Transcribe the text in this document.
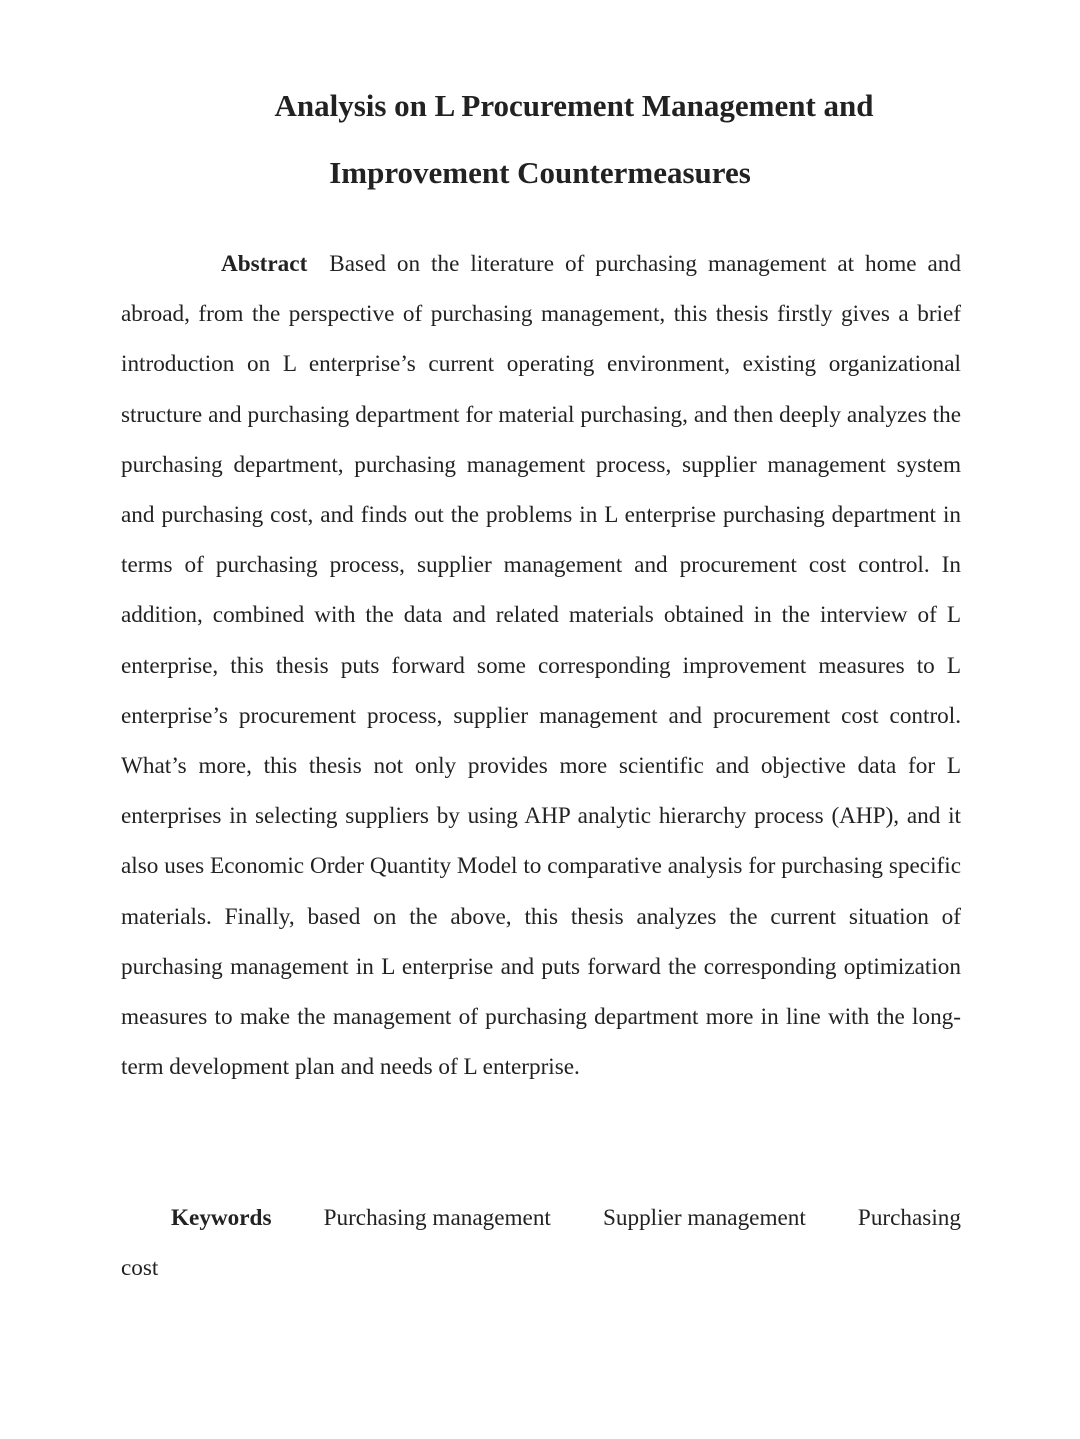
Analysis on L Procurement Management and
Improvement Countermeasures
Abstract Based on the literature of purchasing management at home and abroad, from the perspective of purchasing management, this thesis firstly gives a brief introduction on L enterprise’s current operating environment, existing organizational structure and purchasing department for material purchasing, and then deeply analyzes the purchasing department, purchasing management process, supplier management system and purchasing cost, and finds out the problems in L enterprise purchasing department in terms of purchasing process, supplier management and procurement cost control. In addition, combined with the data and related materials obtained in the interview of L enterprise, this thesis puts forward some corresponding improvement measures to L enterprise’s procurement process, supplier management and procurement cost control. What’s more, this thesis not only provides more scientific and objective data for L enterprises in selecting suppliers by using AHP analytic hierarchy process (AHP), and it also uses Economic Order Quantity Model to comparative analysis for purchasing specific materials. Finally, based on the above, this thesis analyzes the current situation of purchasing management in L enterprise and puts forward the corresponding optimization measures to make the management of purchasing department more in line with the long-term development plan and needs of L enterprise.
Keywords Purchasing management Supplier management Purchasing
cost
